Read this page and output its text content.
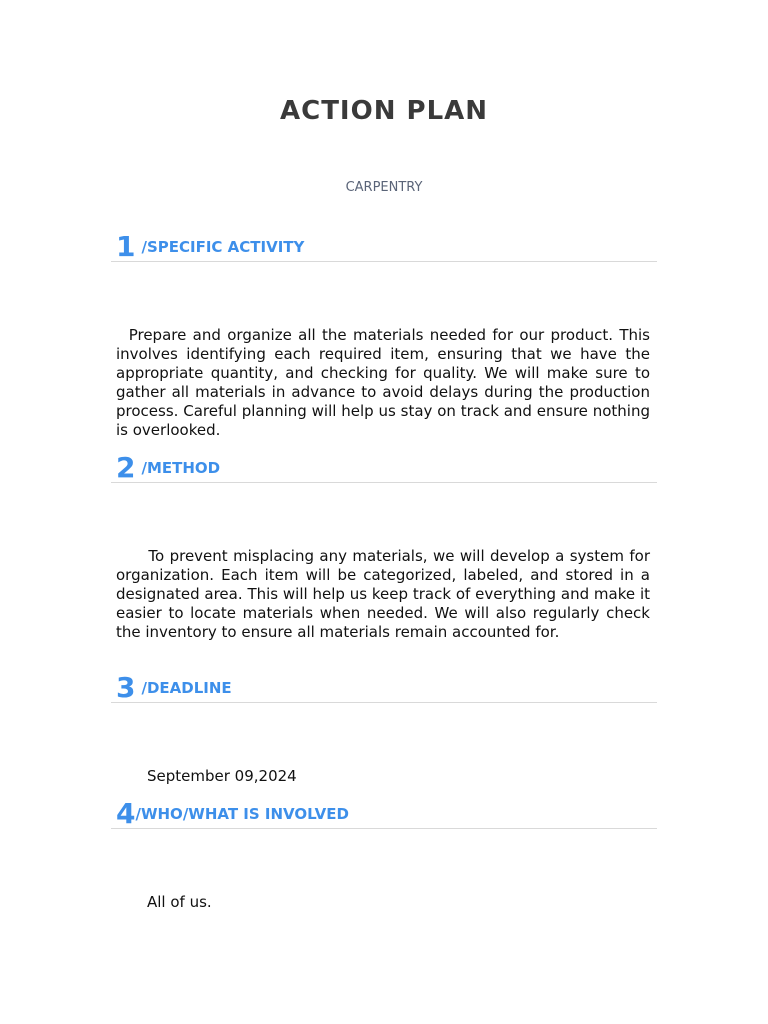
ACTION PLAN

CARPENTRY

1 /SPECIFIC ACTIVITY

Prepare and organize all the materials needed for our product. This involves identifying each required item, ensuring that we have the appropriate quantity, and checking for quality. We will make sure to gather all materials in advance to avoid delays during the production process. Careful planning will help us stay on track and ensure nothing is overlooked.

2 /METHOD

To prevent misplacing any materials, we will develop a system for organization. Each item will be categorized, labeled, and stored in a designated area. This will help us keep track of everything and make it easier to locate materials when needed. We will also regularly check the inventory to ensure all materials remain accounted for.

3 /DEADLINE

September 09,2024

4 /WHO/WHAT IS INVOLVED

All of us.
